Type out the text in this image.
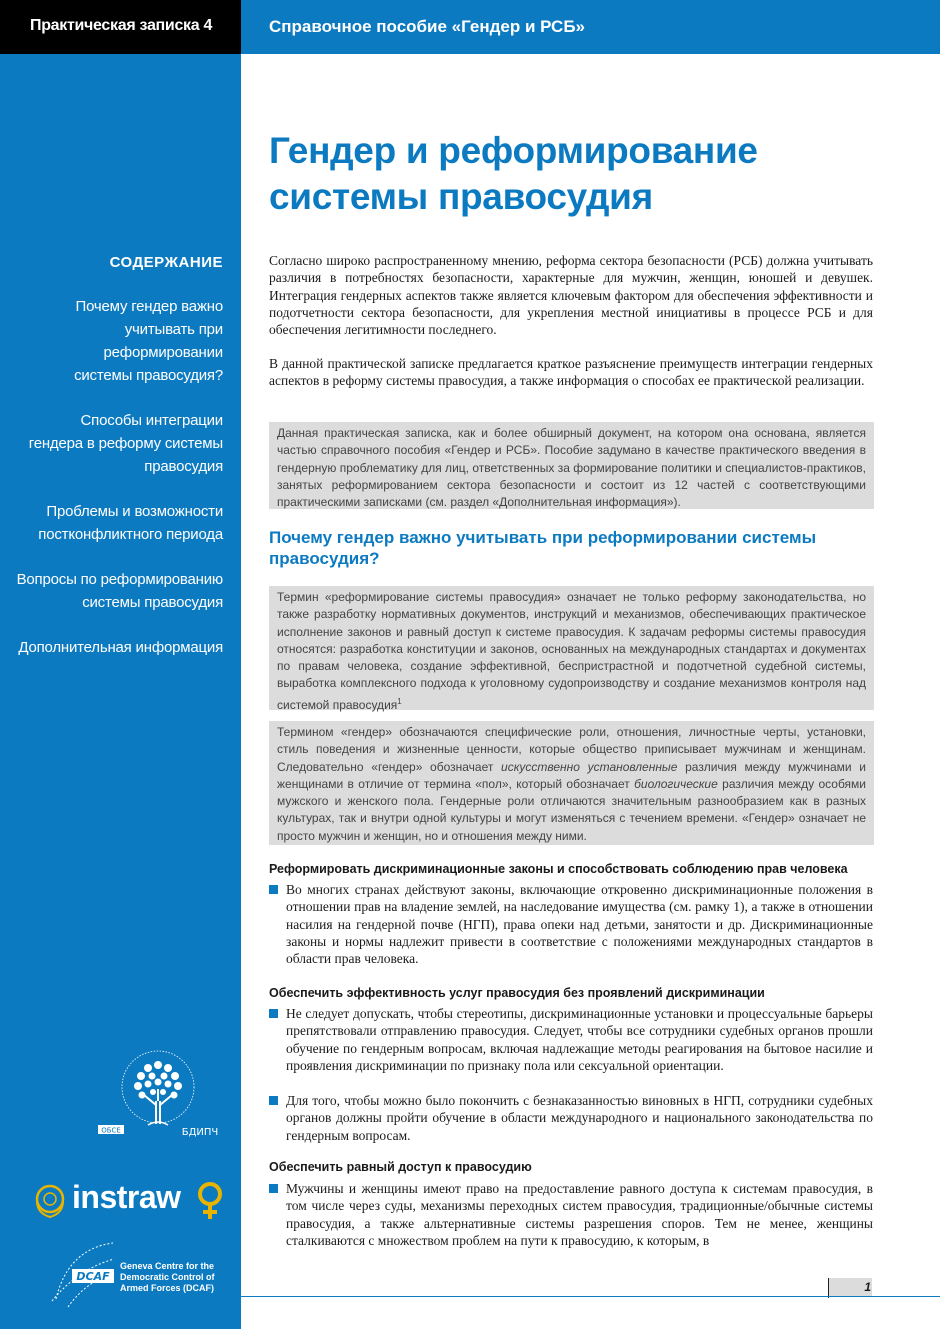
Практическая записка 4	Справочное пособие «Гендер и РСБ»
СОДЕРЖАНИЕ
Почему гендер важно учитывать при реформировании системы правосудия?
Способы интеграции гендера в реформу системы правосудия
Проблемы и возможности постконфликтного периода
Вопросы по реформированию системы правосудия
Дополнительная информация
ОБСЕ	БДИПЧ
instraw
DCAF
Geneva Centre for the Democratic Control of Armed Forces (DCAF)
Гендер и реформирование системы правосудия
Согласно широко распространенному мнению, реформа сектора безопасности (РСБ) должна учитывать различия в потребностях безопасности, характерные для мужчин, женщин, юношей и девушек. Интеграция гендерных аспектов также является ключевым фактором для обеспечения эффективности и подотчетности сектора безопасности, для укрепления местной инициативы в процессе РСБ и для обеспечения легитимности последнего.
В данной практической записке предлагается краткое разъяснение преимуществ интеграции гендерных аспектов в реформу системы правосудия, а также информация о способах ее практической реализации.
Данная практическая записка, как и более обширный документ, на котором она основана, является частью справочного пособия «Гендер и РСБ». Пособие задумано в качестве практического введения в гендерную проблематику для лиц, ответственных за формирование политики и специалистов-практиков, занятых реформированием сектора безопасности и состоит из 12 частей с соответствующими практическими записками (см. раздел «Дополнительная информация»).
Почему гендер важно учитывать при реформировании системы правосудия?
Термин «реформирование системы правосудия» означает не только реформу законодательства, но также разработку нормативных документов, инструкций и механизмов, обеспечивающих практическое исполнение законов и равный доступ к системе правосудия. К задачам реформы системы правосудия относятся: разработка конституции и законов, основанных на международных стандартах и документах по правам человека, создание эффективной, беспристрастной и подотчетной судебной системы, выработка комплексного подхода к уголовному судопроизводству и создание механизмов контроля над системой правосудия$^1$
Термином «гендер» обозначаются специфические роли, отношения, личностные черты, установки, стиль поведения и жизненные ценности, которые общество приписывает мужчинам и женщинам. Следовательно «гендер» обозначает искусственно установленные различия между мужчинами и женщинами в отличие от термина «пол», который обозначает биологические различия между особями мужского и женского пола. Гендерные роли отличаются значительным разнообразием как в разных культурах, так и внутри одной культуры и могут изменяться с течением времени. «Гендер» означает не просто мужчин и женщин, но и отношения между ними.
Реформировать дискриминационные законы и способствовать соблюдению прав человека
Во многих странах действуют законы, включающие откровенно дискриминационные положения в отношении прав на владение землей, на наследование имущества (см. рамку 1), а также в отношении насилия на гендерной почве (НГП), права опеки над детьми, занятости и др. Дискриминационные законы и нормы надлежит привести в соответствие с положениями международных стандартов в области прав человека.
Обеспечить эффективность услуг правосудия без проявлений дискриминации
Не следует допускать, чтобы стереотипы, дискриминационные установки и процессуальные барьеры препятствовали отправлению правосудия. Следует, чтобы все сотрудники судебных органов прошли обучение по гендерным вопросам, включая надлежащие методы реагирования на бытовое насилие и проявления дискриминации по признаку пола или сексуальной ориентации.
Для того, чтобы можно было покончить с безнаказанностью виновных в НГП, сотрудники судебных органов должны пройти обучение в области международного и национального законодательства по гендерным вопросам.
Обеспечить равный доступ к правосудию
Мужчины и женщины имеют право на предоставление равного доступа к системам правосудия, в том числе через суды, механизмы переходных систем правосудия, традиционные/обычные системы правосудия, а также альтернативные системы разрешения споров. Тем не менее, женщины сталкиваются с множеством проблем на пути к правосудию, к которым, в
1
